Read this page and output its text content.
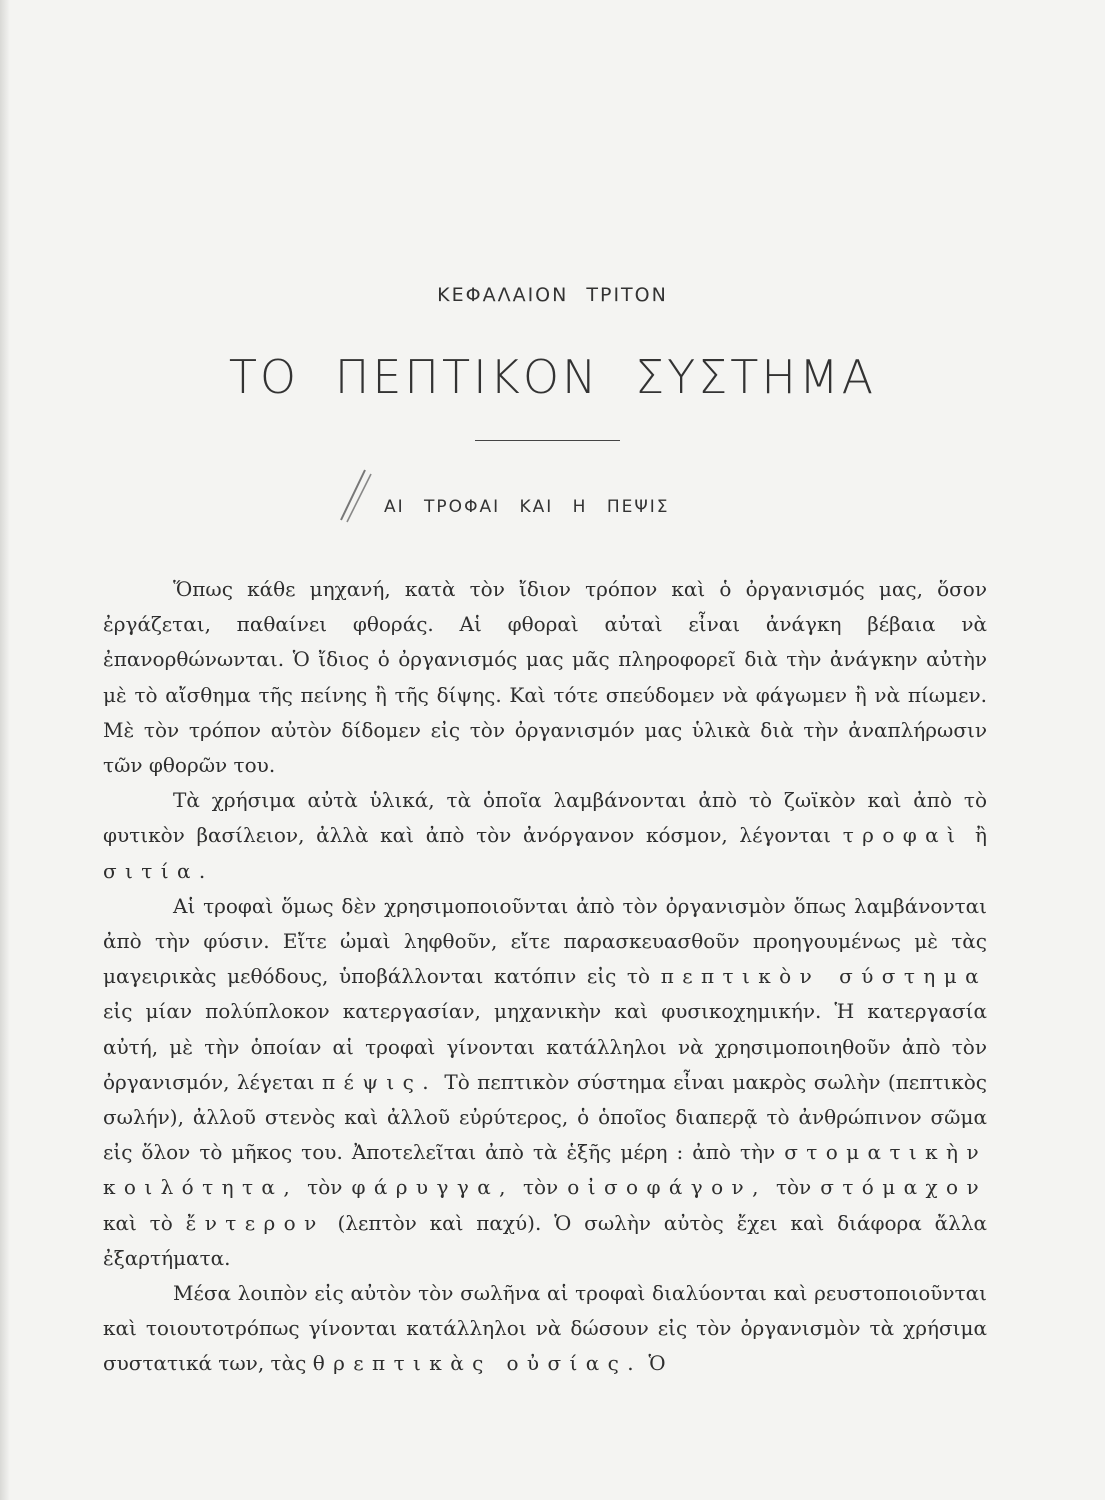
ΚΕΦΑΛΑΙΟΝ ΤΡΙΤΟΝ
ΤΟ ΠΕΠΤΙΚΟΝ ΣΥΣΤΗΜΑ
ΑΙ ΤΡΟΦΑΙ ΚΑΙ Η ΠΕΨΙΣ

Ὅπως κάθε μηχανή, κατὰ τὸν ἴδιον τρόπον καὶ ὁ ὀργανισμός μας, ὅσον ἐργάζεται, παθαίνει φθοράς. Αἱ φθοραὶ αὐταὶ εἶναι ἀνάγκη βέβαια νὰ ἐπανορθώνωνται. Ὁ ἴδιος ὁ ὀργανισμός μας μᾶς πληροφορεῖ διὰ τὴν ἀνάγκην αὐτὴν μὲ τὸ αἴσθημα τῆς πείνης ἢ τῆς δίψης. Καὶ τότε σπεύδομεν νὰ φάγωμεν ἢ νὰ πίωμεν. Μὲ τὸν τρόπον αὐτὸν δίδομεν εἰς τὸν ὀργανισμόν μας ὑλικὰ διὰ τὴν ἀναπλήρωσιν τῶν φθορῶν του.

Τὰ χρήσιμα αὐτὰ ὑλικά, τὰ ὁποῖα λαμβάνονται ἀπὸ τὸ ζωϊκὸν καὶ ἀπὸ τὸ φυτικὸν βασίλειον, ἀλλὰ καὶ ἀπὸ τὸν ἀνόργανον κόσμον, λέγονται τροφαὶ ἢ σιτία.

Αἱ τροφαὶ ὅμως δὲν χρησιμοποιοῦνται ἀπὸ τὸν ὀργανισμὸν ὅπως λαμβάνονται ἀπὸ τὴν φύσιν. Εἴτε ὠμαὶ ληφθοῦν, εἴτε παρασκευασθοῦν προηγουμένως μὲ τὰς μαγειρικὰς μεθόδους, ὑποβάλλονται κατόπιν εἰς τὸ πεπτικὸν σύστημα εἰς μίαν πολύπλοκον κατεργασίαν, μηχανικὴν καὶ φυσικοχημικήν. Ἡ κατεργασία αὐτή, μὲ τὴν ὁποίαν αἱ τροφαὶ γίνονται κατάλληλοι νὰ χρησιμοποιηθοῦν ἀπὸ τὸν ὀργανισμόν, λέγεται πέψις. Τὸ πεπτικὸν σύστημα εἶναι μακρὸς σωλὴν (πεπτικὸς σωλήν), ἀλλοῦ στενὸς καὶ ἀλλοῦ εὐρύτερος, ὁ ὁποῖος διαπερᾷ τὸ ἀνθρώπινον σῶμα εἰς ὅλον τὸ μῆκος του. Ἀποτελεῖται ἀπὸ τὰ ἑξῆς μέρη : ἀπὸ τὴν στοματικὴν κοιλότητα, τὸν φάρυγγα, τὸν οἰσοφάγον, τὸν στόμαχον καὶ τὸ ἔντερον (λεπτὸν καὶ παχύ). Ὁ σωλὴν αὐτὸς ἔχει καὶ διάφορα ἄλλα ἐξαρτήματα.

Μέσα λοιπὸν εἰς αὐτὸν τὸν σωλῆνα αἱ τροφαὶ διαλύονται καὶ ρευστοποιοῦνται καὶ τοιουτοτρόπως γίνονται κατάλληλοι νὰ δώσουν εἰς τὸν ὀργανισμὸν τὰ χρήσιμα συστατικά των, τὰς θρεπτικὰς οὐσίας. Ὁ
